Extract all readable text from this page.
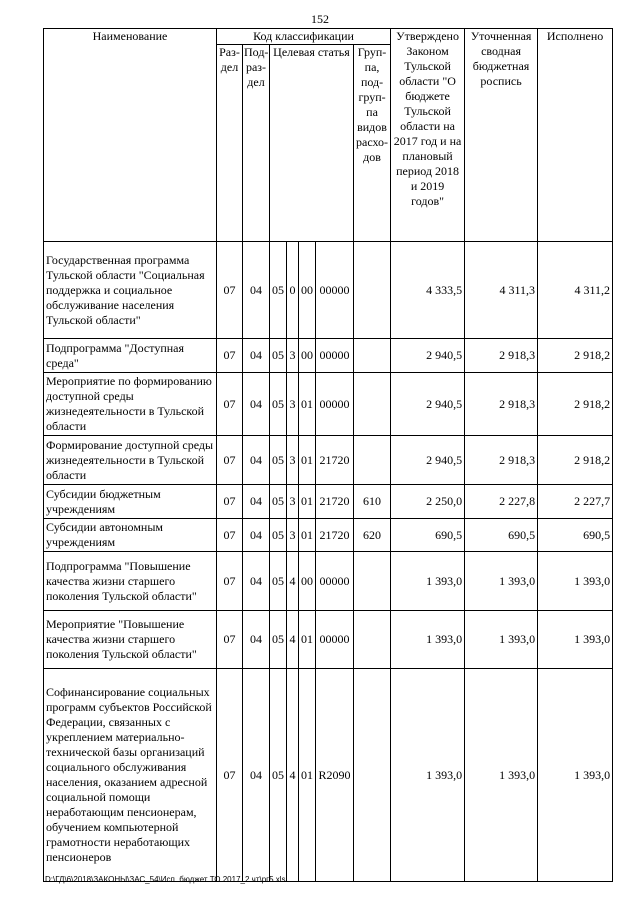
152
Наименование	Код классификации							Утверждено Законом Тульской области "О бюджете Тульской области на 2017 год и на плановый период 2018 и 2019 годов"	Уточненная сводная бюджетная роспись	Исполнено
	Раз-дел	Под-раз-дел	Целевая статья				Груп-па, под-груп-па видов расхо-дов			
Государственная программа Тульской области "Социальная поддержка и социальное обслуживание населения Тульской области"	07	04	05	0	00	00000		4 333,5	4 311,3	4 311,2
Подпрограмма "Доступная среда"	07	04	05	3	00	00000		2 940,5	2 918,3	2 918,2
Мероприятие по формированию доступной среды жизнедеятельности в Тульской области	07	04	05	3	01	00000		2 940,5	2 918,3	2 918,2
Формирование доступной среды жизнедеятельности в Тульской области	07	04	05	3	01	21720		2 940,5	2 918,3	2 918,2
Субсидии бюджетным учреждениям	07	04	05	3	01	21720	610	2 250,0	2 227,8	2 227,7
Субсидии автономным учреждениям	07	04	05	3	01	21720	620	690,5	690,5	690,5
Подпрограмма "Повышение качества жизни старшего поколения Тульской области"	07	04	05	4	00	00000		1 393,0	1 393,0	1 393,0
Мероприятие "Повышение качества жизни старшего поколения Тульской области"	07	04	05	4	01	00000		1 393,0	1 393,0	1 393,0
Софинансирование социальных программ субъектов Российской Федерации, связанных с укреплением материально-технической базы организаций социального обслуживания населения, оказанием адресной социальной помощи неработающим пенсионерам, обучением компьютерной грамотности неработающих пенсионеров	07	04	05	4	01	R2090		1 393,0	1 393,0	1 393,0
D:\ГД\6\2018\ЗАКОНЫ\ЗАС_54\Исп. бюджет ТО 2017_2 чт\рг5.xls
